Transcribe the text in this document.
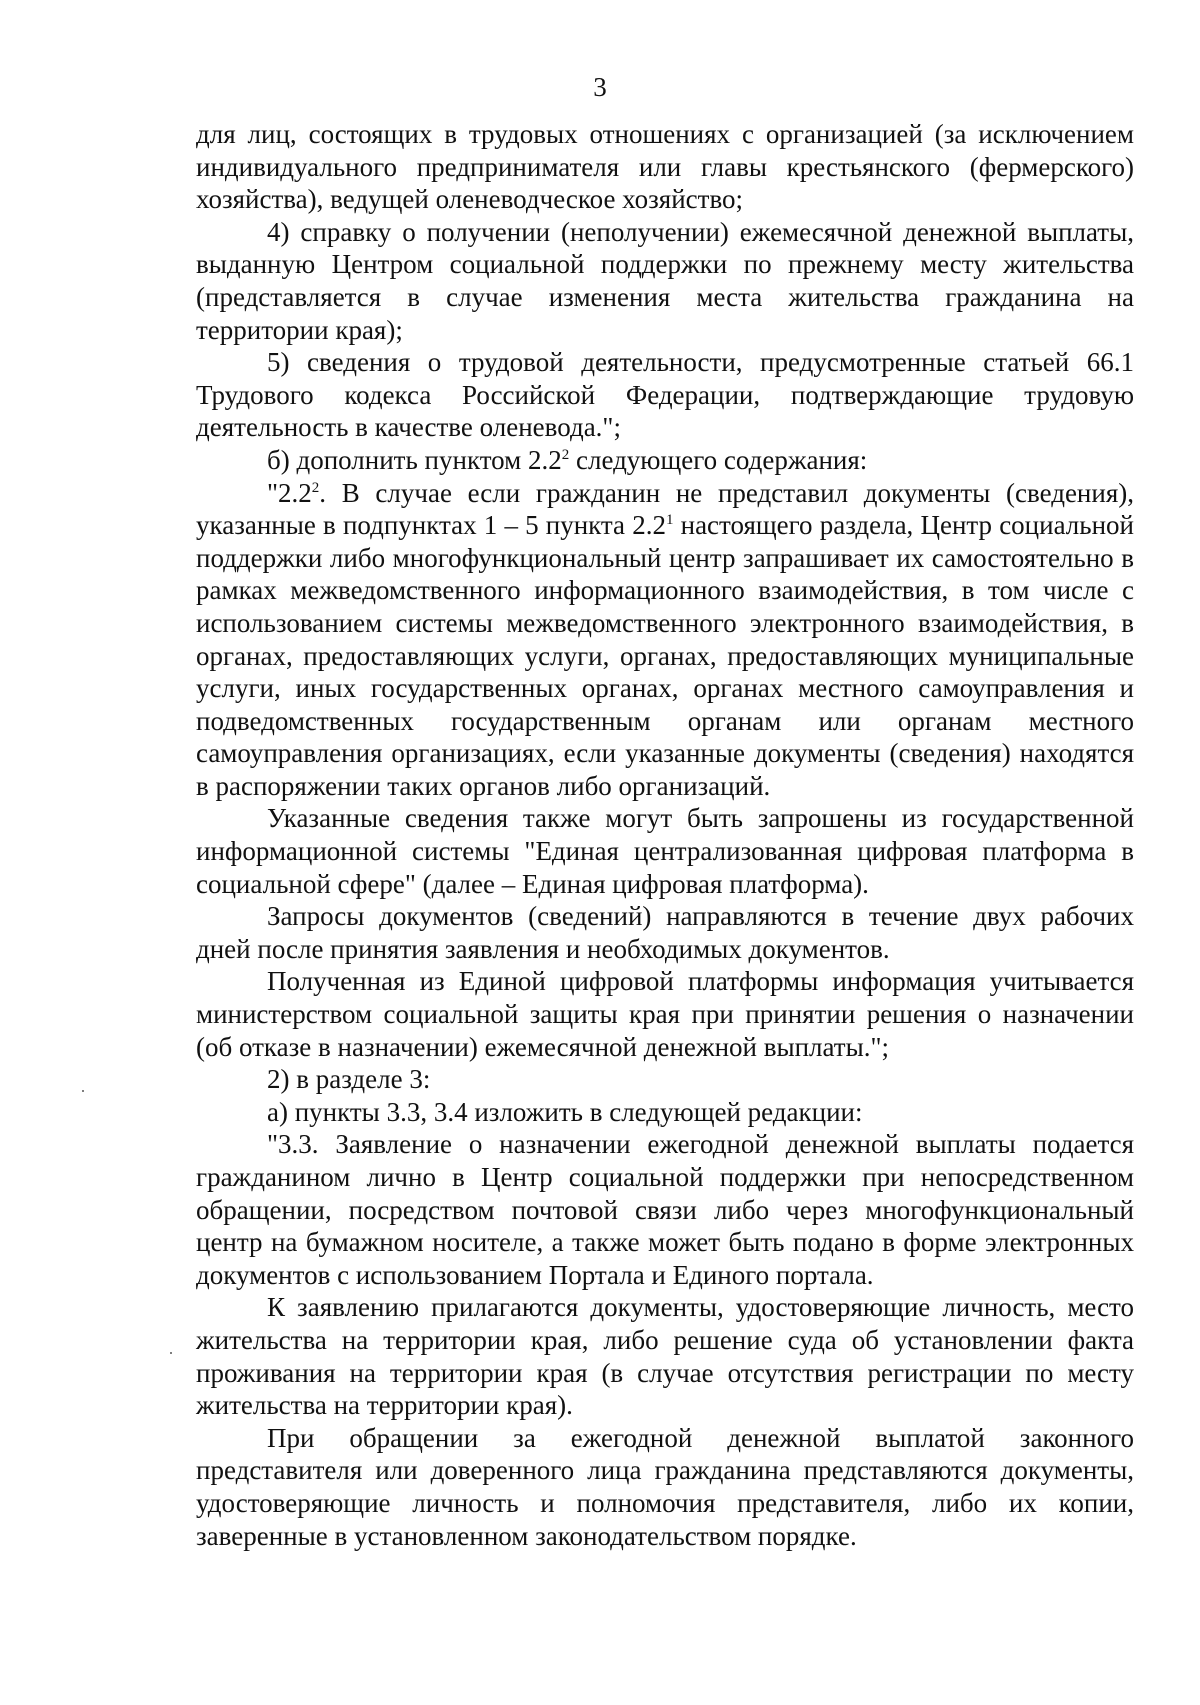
3

для лиц, состоящих в трудовых отношениях с организацией (за исключением индивидуального предпринимателя или главы крестьянского (фермерского) хозяйства), ведущей оленеводческое хозяйство;

4) справку о получении (неполучении) ежемесячной денежной выплаты, выданную Центром социальной поддержки по прежнему месту жительства (представляется в случае изменения места жительства гражданина на территории края);

5) сведения о трудовой деятельности, предусмотренные статьей 66.1 Трудового кодекса Российской Федерации, подтверждающие трудовую деятельность в качестве оленевода.";

б) дополнить пунктом $2.2^2$ следующего содержания:

"$2.2^2$. В случае если гражданин не представил документы (сведения), указанные в подпунктах 1 – 5 пункта $2.2^1$ настоящего раздела, Центр социальной поддержки либо многофункциональный центр запрашивает их самостоятельно в рамках межведомственного информационного взаимодействия, в том числе с использованием системы межведомственного электронного взаимодействия, в органах, предоставляющих услуги, органах, предоставляющих муниципальные услуги, иных государственных органах, органах местного самоуправления и подведомственных государственным органам или органам местного самоуправления организациях, если указанные документы (сведения) находятся в распоряжении таких органов либо организаций.

Указанные сведения также могут быть запрошены из государственной информационной системы "Единая централизованная цифровая платформа в социальной сфере" (далее – Единая цифровая платформа).

Запросы документов (сведений) направляются в течение двух рабочих дней после принятия заявления и необходимых документов.

Полученная из Единой цифровой платформы информация учитывается министерством социальной защиты края при принятии решения о назначении (об отказе в назначении) ежемесячной денежной выплаты.";

2) в разделе 3:

а) пункты 3.3, 3.4 изложить в следующей редакции:

"3.3. Заявление о назначении ежегодной денежной выплаты подается гражданином лично в Центр социальной поддержки при непосредственном обращении, посредством почтовой связи либо через многофункциональный центр на бумажном носителе, а также может быть подано в форме электронных документов с использованием Портала и Единого портала.

К заявлению прилагаются документы, удостоверяющие личность, место жительства на территории края, либо решение суда об установлении факта проживания на территории края (в случае отсутствия регистрации по месту жительства на территории края).

При обращении за ежегодной денежной выплатой законного представителя или доверенного лица гражданина представляются документы, удостоверяющие личность и полномочия представителя, либо их копии, заверенные в установленном законодательством порядке.
